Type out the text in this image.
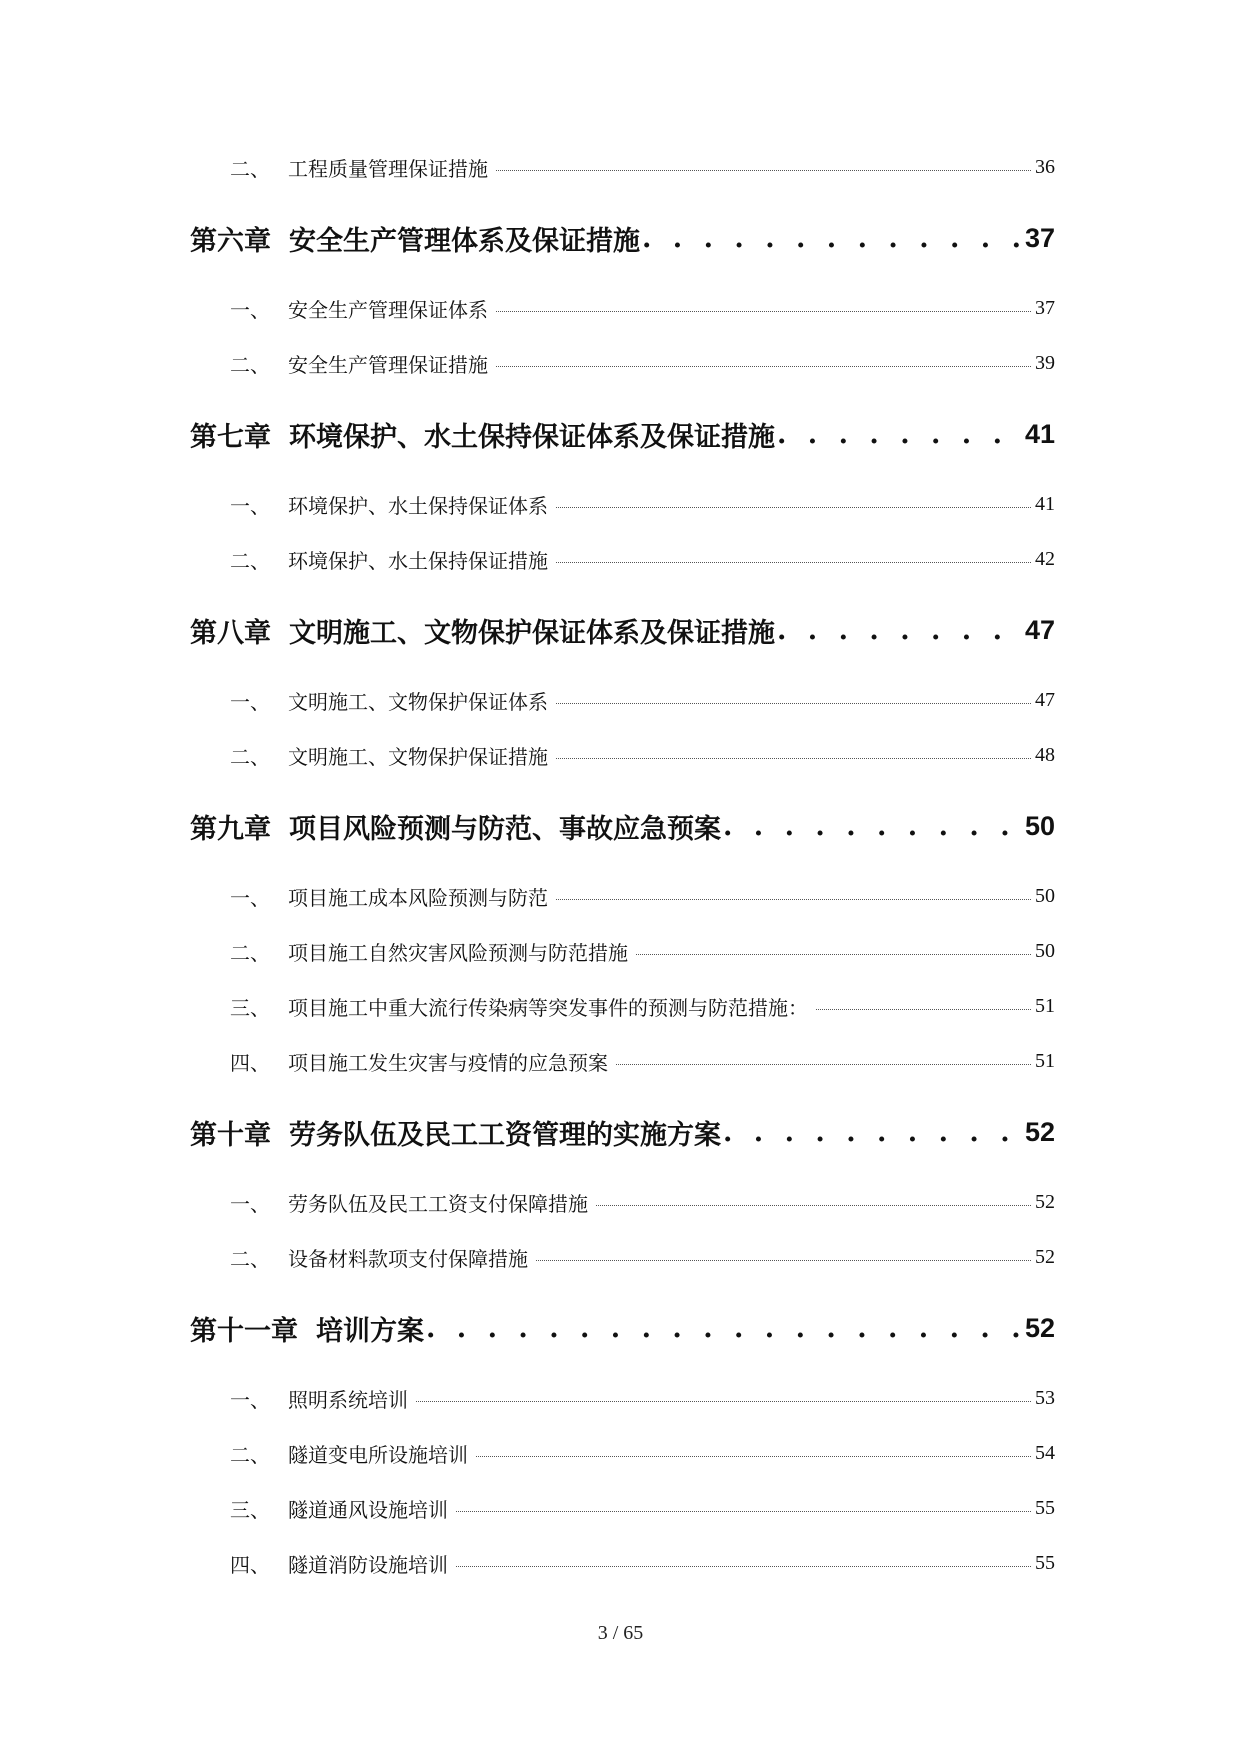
二、 工程质量管理保证措施	36
第六章 安全生产管理体系及保证措施 . . .	37
一、 安全生产管理保证体系	37
二、 安全生产管理保证措施	39
第七章 环境保护、水土保持保证体系及保证措施 . . .	41
一、 环境保护、水土保持保证体系	41
二、 环境保护、水土保持保证措施	42
第八章 文明施工、文物保护保证体系及保证措施 . . .	47
一、 文明施工、文物保护保证体系	47
二、 文明施工、文物保护保证措施	48
第九章 项目风险预测与防范、事故应急预案 . . .	50
一、 项目施工成本风险预测与防范	50
二、 项目施工自然灾害风险预测与防范措施	50
三、 项目施工中重大流行传染病等突发事件的预测与防范措施：	51
四、 项目施工发生灾害与疫情的应急预案	51
第十章 劳务队伍及民工工资管理的实施方案 . . .	52
一、 劳务队伍及民工工资支付保障措施	52
二、 设备材料款项支付保障措施	52
第十一章 培训方案 . . .	52
一、 照明系统培训	53
二、 隧道变电所设施培训	54
三、 隧道通风设施培训	55
四、 隧道消防设施培训	55
3 / 65
